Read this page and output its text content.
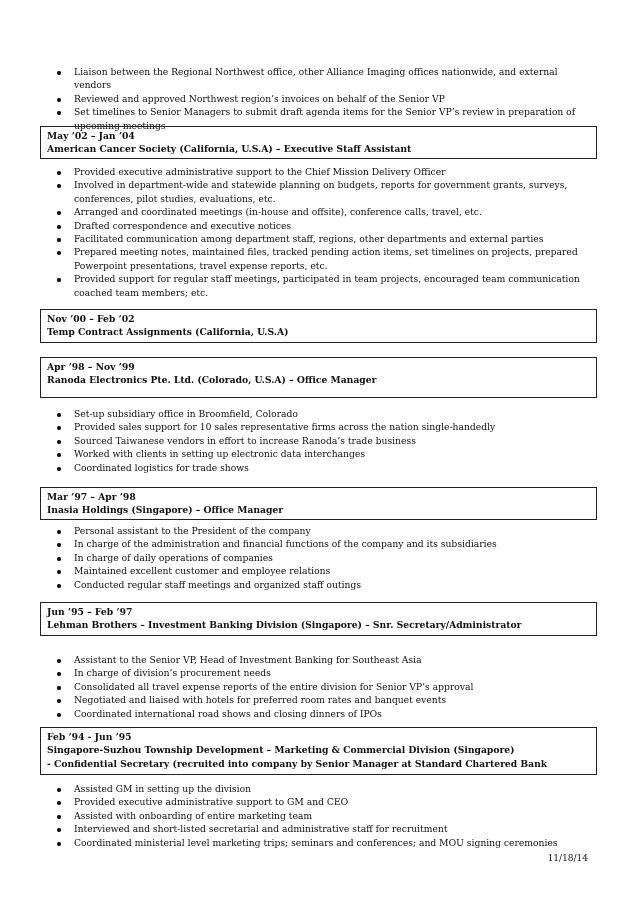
Liaison between the Regional Northwest office, other Alliance Imaging offices nationwide, and external vendors
Reviewed and approved Northwest region’s invoices on behalf of the Senior VP
Set timelines to Senior Managers to submit draft agenda items for the Senior VP’s review in preparation of upcoming meetings
May ’02 – Jan ’04
American Cancer Society (California, U.S.A) – Executive Staff Assistant
Provided executive administrative support to the Chief Mission Delivery Officer
Involved in department-wide and statewide planning on budgets, reports for government grants, surveys, conferences, pilot studies, evaluations, etc.
Arranged and coordinated meetings (in-house and offsite), conference calls, travel, etc.
Drafted correspondence and executive notices
Facilitated communication among department staff, regions, other departments and external parties
Prepared meeting notes, maintained files, tracked pending action items, set timelines on projects, prepared Powerpoint presentations, travel expense reports, etc.
Provided support for regular staff meetings, participated in team projects, encouraged team communication coached team members; etc.
Nov ’00 – Feb ’02
Temp Contract Assignments (California, U.S.A)
Apr ’98 – Nov ’99
Ranoda Electronics Pte. Ltd. (Colorado, U.S.A) – Office Manager
Set-up subsidiary office in Broomfield, Colorado
Provided sales support for 10 sales representative firms across the nation single-handedly
Sourced Taiwanese vendors in effort to increase Ranoda’s trade business
Worked with clients in setting up electronic data interchanges
Coordinated logistics for trade shows
Mar ’97 – Apr ’98
Inasia Holdings (Singapore) – Office Manager
Personal assistant to the President of the company
In charge of the administration and financial functions of the company and its subsidiaries
In charge of daily operations of companies
Maintained excellent customer and employee relations
Conducted regular staff meetings and organized staff outings
Jun ’95 – Feb ’97
Lehman Brothers – Investment Banking Division (Singapore) – Snr. Secretary/Administrator
Assistant to the Senior VP, Head of Investment Banking for Southeast Asia
In charge of division’s procurement needs
Consolidated all travel expense reports of the entire division for Senior VP’s approval
Negotiated and liaised with hotels for preferred room rates and banquet events
Coordinated international road shows and closing dinners of IPOs
Feb ’94 - Jun ’95
Singapore-Suzhou Township Development – Marketing & Commercial Division (Singapore)
- Confidential Secretary (recruited into company by Senior Manager at Standard Chartered Bank
Assisted GM in setting up the division
Provided executive administrative support to GM and CEO
Assisted with onboarding of entire marketing team
Interviewed and short-listed secretarial and administrative staff for recruitment
Coordinated ministerial level marketing trips; seminars and conferences; and MOU signing ceremonies
11/18/14
